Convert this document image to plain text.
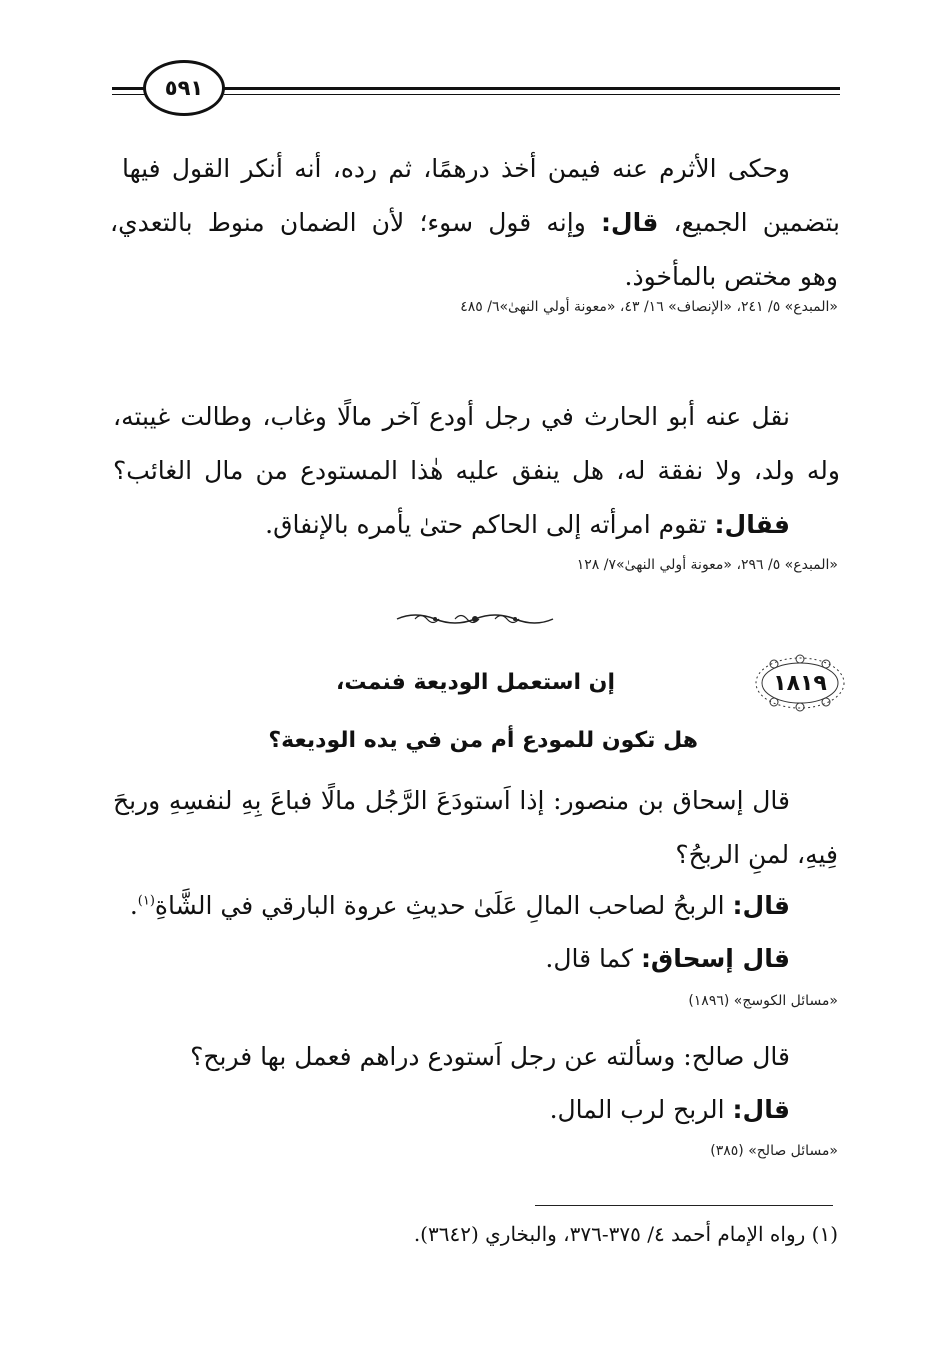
٥٩١
وحكى الأثرم عنه فيمن أخذ درهمًا، ثم رده، أنه أنكر القول فيها
بتضمين الجميع، قال: وإنه قول سوء؛ لأن الضمان منوط بالتعدي،
وهو مختص بالمأخوذ.
«المبدع» ٥/ ٢٤١، «الإنصاف» ١٦/ ٤٣، «معونة أولي النهىٰ»٦/ ٤٨٥
نقل عنه أبو الحارث في رجل أودع آخر مالًا وغاب، وطالت غيبته،
وله ولد، ولا نفقة له، هل ينفق عليه هٰذا المستودع من مال الغائب؟
فقال: تقوم امرأته إلى الحاكم حتىٰ يأمره بالإنفاق.
«المبدع» ٥/ ٢٩٦، «معونة أولي النهىٰ»٧/ ١٢٨
١٨١٩
إن استعمل الوديعة فنمت،
هل تكون للمودع أم من في يده الوديعة؟
قال إسحاق بن منصور: إذا اَستودَعَ الرَّجُل مالًا فباعَ بِهِ لنفسِهِ وربحَ
فِيهِ، لمنِ الربحُ؟
قال: الربحُ لصاحب المالِ عَلَىٰ حديثِ عروة البارقي في الشَّاةِ$^{(١)}$.
قال إسحاق: كما قال.
«مسائل الكوسج» (١٨٩٦)
قال صالح: وسألته عن رجل اَستودع دراهم فعمل بها فربح؟
قال: الربح لرب المال.
«مسائل صالح» (٣٨٥)
(١) رواه الإمام أحمد ٤/ ٣٧٥-٣٧٦، والبخاري (٣٦٤٢).
